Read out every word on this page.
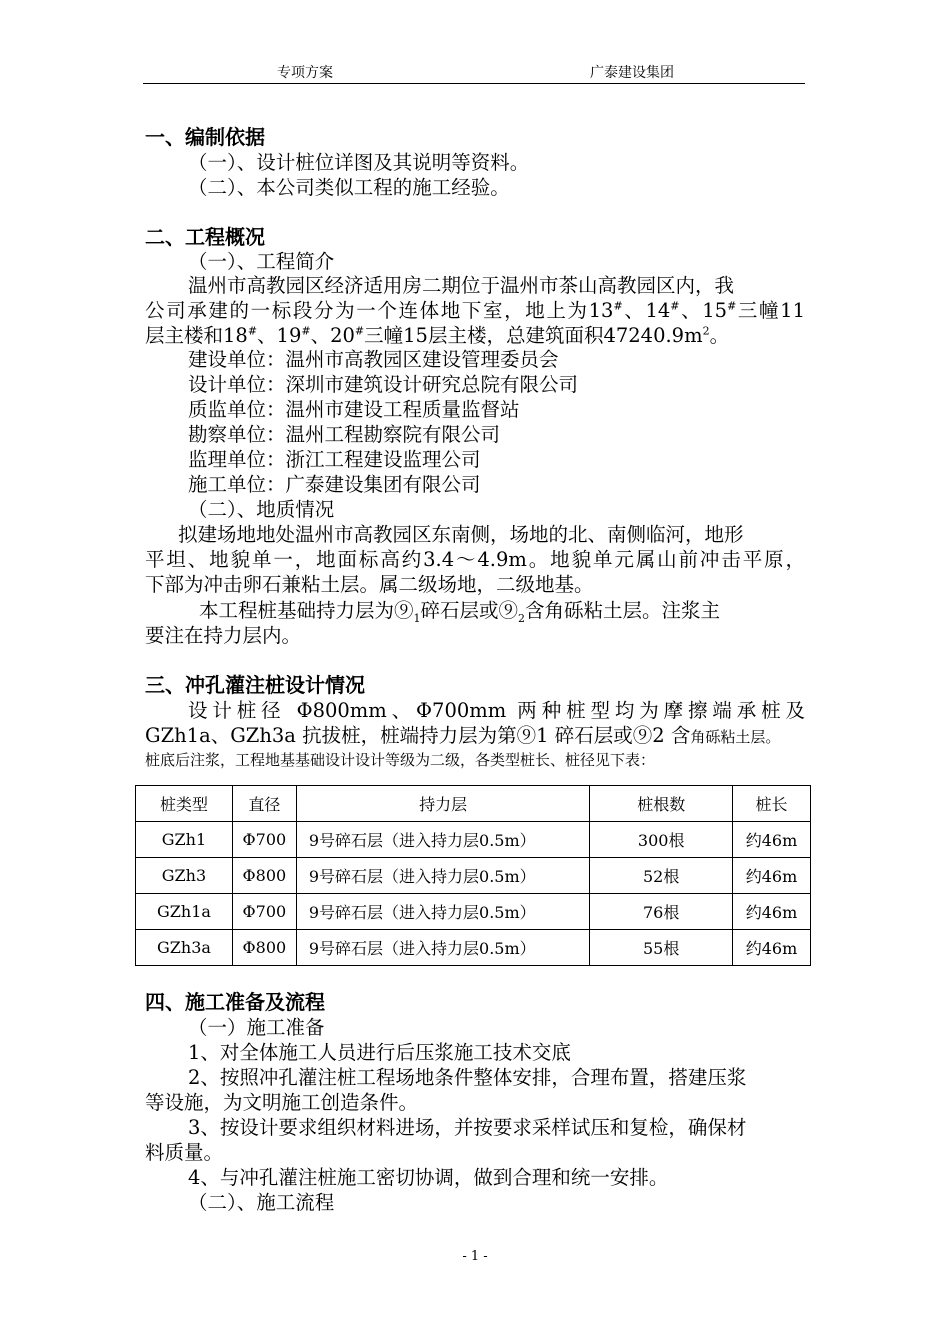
专项方案	广泰建设集团
一、编制依据
（一）、设计桩位详图及其说明等资料。
（二）、本公司类似工程的施工经验。
二、工程概况
（一）、工程简介
温州市高教园区经济适用房二期位于温州市茶山高教园区内，我
公司承建的一标段分为一个连体地下室，地上为13#、14#、15#三幢11
层主楼和18#、19#、20#三幢15层主楼，总建筑面积$47240.9m^2$。
建设单位：温州市高教园区建设管理委员会
设计单位：深圳市建筑设计研究总院有限公司
质监单位：温州市建设工程质量监督站
勘察单位：温州工程勘察院有限公司
监理单位：浙江工程建设监理公司
施工单位：广泰建设集团有限公司
（二）、地质情况
拟建场地地处温州市高教园区东南侧，场地的北、南侧临河，地形
平坦、地貌单一，地面标高约3.4～4.9m。地貌单元属山前冲击平原，
下部为冲击卵石兼粘土层。属二级场地，二级地基。
本工程桩基础持力层为$⑨_1$碎石层或$⑨_2$含角砾粘土层。注浆主
要注在持力层内。
三、冲孔灌注桩设计情况
设计桩径 Φ800mm、Φ700mm 两种桩型均为摩擦端承桩及
GZh1a、GZh3a 抗拔桩，桩端持力层为第⑨1 碎石层或⑨2 含角砾粘土层。
桩底后注浆，工程地基基础设计设计等级为二级，各类型桩长、桩径见下表：
桩类型	直径	持力层	桩根数	桩长
GZh1	Φ700	9号碎石层（进入持力层0.5m）	300根	约46m
GZh3	Φ800	9号碎石层（进入持力层0.5m）	52根	约46m
GZh1a	Φ700	9号碎石层（进入持力层0.5m）	76根	约46m
GZh3a	Φ800	9号碎石层（进入持力层0.5m）	55根	约46m
四、施工准备及流程
（一）施工准备
1、对全体施工人员进行后压浆施工技术交底
2、按照冲孔灌注桩工程场地条件整体安排，合理布置，搭建压浆
等设施，为文明施工创造条件。
3、按设计要求组织材料进场，并按要求采样试压和复检，确保材
料质量。
4、与冲孔灌注桩施工密切协调，做到合理和统一安排。
（二）、施工流程
- 1 -
